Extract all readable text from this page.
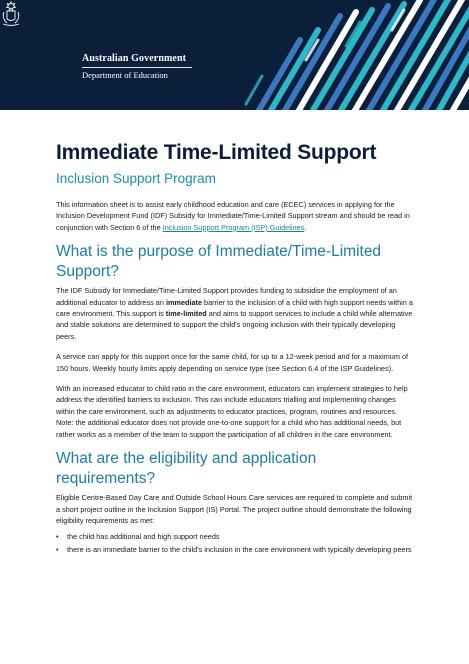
Australian Government
Department of Education
Immediate Time-Limited Support
Inclusion Support Program

This information sheet is to assist early childhood education and care (ECEC) services in applying for the Inclusion Development Fund (IDF) Subsidy for Immediate/Time-Limited Support stream and should be read in conjunction with Section 6 of the Inclusion Support Program (ISP) Guidelines.

What is the purpose of Immediate/Time-Limited Support?

The IDF Subsidy for Immediate/Time-Limited Support provides funding to subsidise the employment of an additional educator to address an immediate barrier to the inclusion of a child with high support needs within a care environment. This support is time-limited and aims to support services to include a child while alternative and stable solutions are determined to support the child's ongoing inclusion with their typically developing peers.

A service can apply for this support once for the same child, for up to a 12-week period and for a maximum of 150 hours. Weekly hourly limits apply depending on service type (see Section 6.4 of the ISP Guidelines).

With an increased educator to child ratio in the care environment, educators can implement strategies to help address the identified barriers to inclusion. This can include educators trialling and implementing changes within the care environment, such as adjustments to educator practices, program, routines and resources. Note: the additional educator does not provide one-to-one support for a child who has additional needs, but rather works as a member of the team to support the participation of all children in the care environment.

What are the eligibility and application requirements?

Eligible Centre-Based Day Care and Outside School Hours Care services are required to complete and submit a short project outline in the Inclusion Support (IS) Portal. The project outline should demonstrate the following eligibility requirements as met:

• the child has additional and high support needs
• there is an immediate barrier to the child's inclusion in the care environment with typically developing peers
